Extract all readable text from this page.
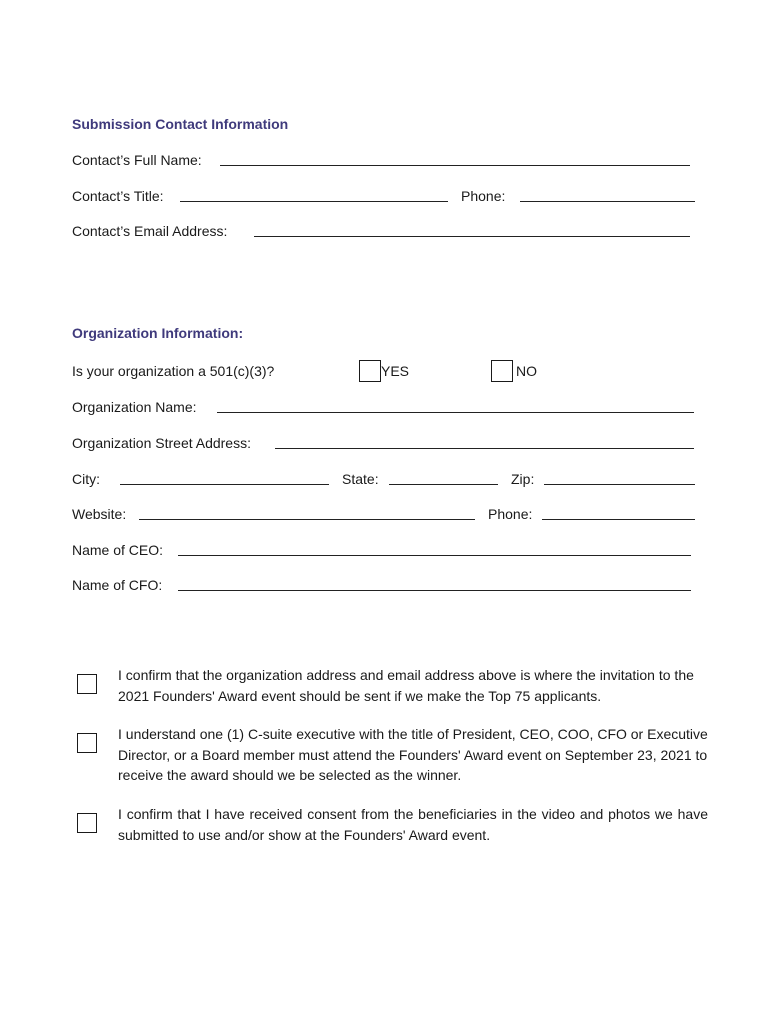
Submission Contact Information
Contact’s Full Name:
Contact’s Title:	Phone:
Contact’s Email Address:
Organization Information:
Is your organization a 501(c)(3)?	YES	NO
Organization Name:
Organization Street Address:
City:	State:	Zip:
Website:	Phone:
Name of CEO:
Name of CFO:
I confirm that the organization address and email address above is where the invitation to the 2021 Founders' Award event should be sent if we make the Top 75 applicants.
I understand one (1) C-suite executive with the title of President, CEO, COO, CFO or Executive Director, or a Board member must attend the Founders' Award event on September 23, 2021 to receive the award should we be selected as the winner.
I confirm that I have received consent from the beneficiaries in the video and photos we have submitted to use and/or show at the Founders' Award event.
